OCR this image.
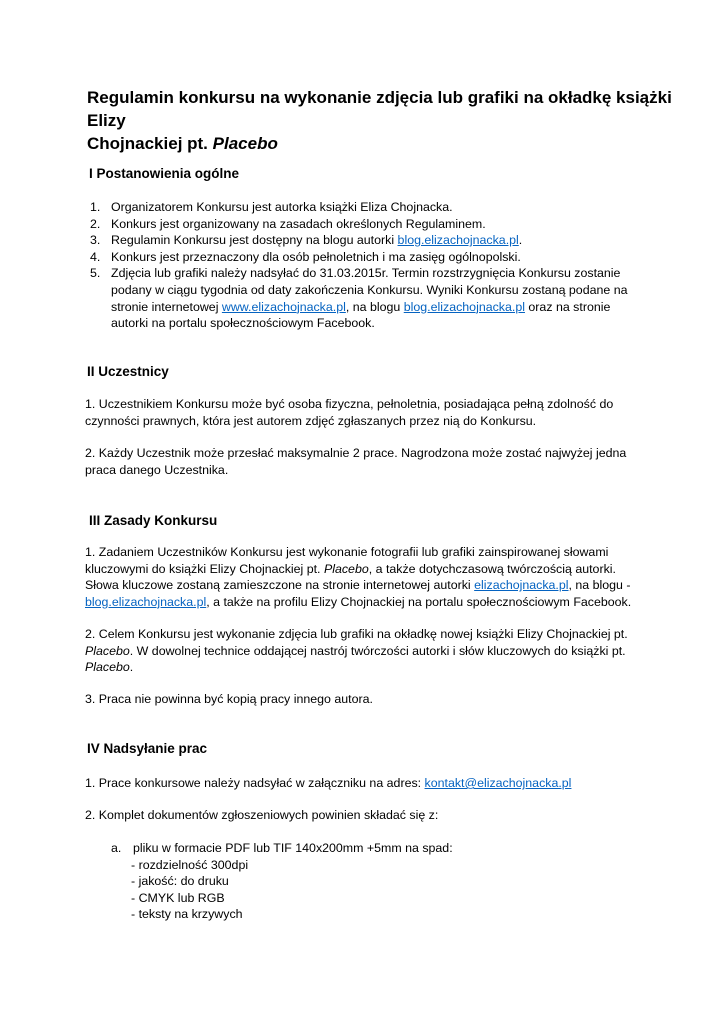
Regulamin konkursu na wykonanie zdjęcia lub grafiki na okładkę książki Elizy
Chojnackiej pt. Placebo
I Postanowienia ogólne
1. Organizatorem Konkursu jest autorka książki Eliza Chojnacka.
2. Konkurs jest organizowany na zasadach określonych Regulaminem.
3. Regulamin Konkursu jest dostępny na blogu autorki blog.elizachojnacka.pl.
4. Konkurs jest przeznaczony dla osób pełnoletnich i ma zasięg ogólnopolski.
5. Zdjęcia lub grafiki należy nadsyłać do 31.03.2015r. Termin rozstrzygnięcia Konkursu zostanie
podany w ciągu tygodnia od daty zakończenia Konkursu. Wyniki Konkursu zostaną podane na
stronie internetowej www.elizachojnacka.pl, na blogu blog.elizachojnacka.pl oraz na stronie
autorki na portalu społecznościowym Facebook.
II Uczestnicy

1. Uczestnikiem Konkursu może być osoba fizyczna, pełnoletnia, posiadająca pełną zdolność do
czynności prawnych, która jest autorem zdjęć zgłaszanych przez nią do Konkursu.

2. Każdy Uczestnik może przesłać maksymalnie 2 prace. Nagrodzona może zostać najwyżej jedna
praca danego Uczestnika.

III Zasady Konkursu

1. Zadaniem Uczestników Konkursu jest wykonanie fotografii lub grafiki zainspirowanej słowami
kluczowymi do książki Elizy Chojnackiej pt. Placebo, a także dotychczasową twórczością autorki.
Słowa kluczowe zostaną zamieszczone na stronie internetowej autorki elizachojnacka.pl, na blogu -
blog.elizachojnacka.pl, a także na profilu Elizy Chojnackiej na portalu społecznościowym Facebook.

2. Celem Konkursu jest wykonanie zdjęcia lub grafiki na okładkę nowej książki Elizy Chojnackiej pt.
Placebo. W dowolnej technice oddającej nastrój twórczości autorki i słów kluczowych do książki pt.
Placebo.

3. Praca nie powinna być kopią pracy innego autora.

IV Nadsyłanie prac

1. Prace konkursowe należy nadsyłać w załączniku na adres: kontakt@elizachojnacka.pl

2. Komplet dokumentów zgłoszeniowych powinien składać się z:

a. pliku w formacie PDF lub TIF 140x200mm +5mm na spad:
- rozdzielność 300dpi
- jakość: do druku
- CMYK lub RGB
- teksty na krzywych
